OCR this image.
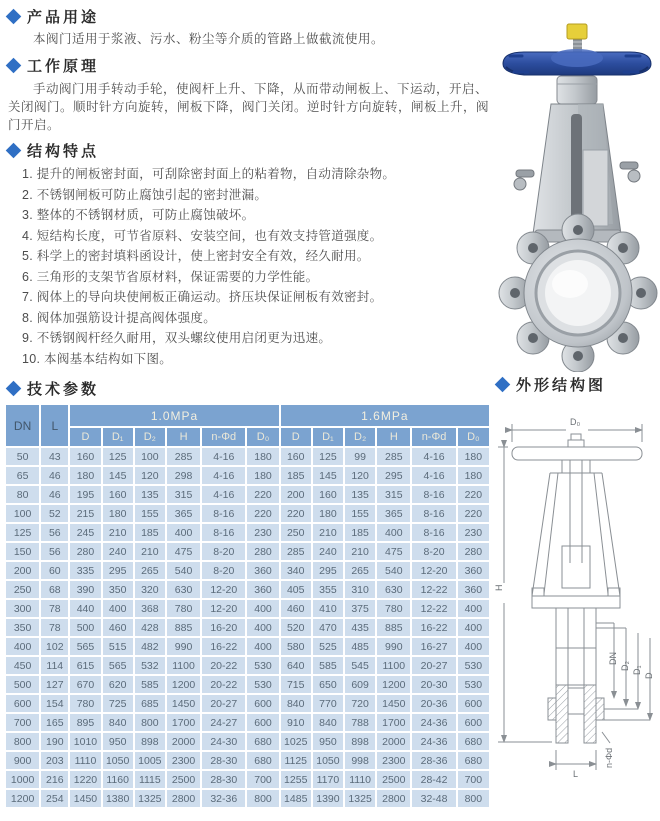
产品用途
本阀门适用于浆液、污水、粉尘等介质的管路上做截流使用。
工作原理
手动阀门用手转动手轮，使阀杆上升、下降，从而带动闸板上、下运动，开启、关闭阀门。顺时针方向旋转，闸板下降，阀门关闭。逆时针方向旋转，闸板上升，阀门开启。
结构特点
1. 提升的闸板密封面，可刮除密封面上的粘着物，自动清除杂物。
2. 不锈钢闸板可防止腐蚀引起的密封泄漏。
3. 整体的不锈钢材质，可防止腐蚀破坏。
4. 短结构长度，可节省原料、安装空间，也有效支持管道强度。
5. 科学上的密封填料函设计，使上密封安全有效，经久耐用。
6. 三角形的支架节省原材料，保证需要的力学性能。
7. 阀体上的导向块使闸板正确运动。挤压块保证闸板有效密封。
8. 阀体加强筋设计提高阀体强度。
9. 不锈钢阀杆经久耐用，双头螺纹使用启闭更为迅速。
10. 本阀基本结构如下图。
技术参数
DN	L	1.0MPa						1.6MPa					
		D	D₁	D₂	H	n-Φd	D₀	D	D₁	D₂	H	n-Φd	D₀
50	43	160	125	100	285	4-16	180	160	125	99	285	4-16	180
65	46	180	145	120	298	4-16	180	185	145	120	295	4-16	180
80	46	195	160	135	315	4-16	220	200	160	135	315	8-16	220
100	52	215	180	155	365	8-16	220	220	180	155	365	8-16	220
125	56	245	210	185	400	8-16	230	250	210	185	400	8-16	230
150	56	280	240	210	475	8-20	280	285	240	210	475	8-20	280
200	60	335	295	265	540	8-20	360	340	295	265	540	12-20	360
250	68	390	350	320	630	12-20	360	405	355	310	630	12-22	360
300	78	440	400	368	780	12-20	400	460	410	375	780	12-22	400
350	78	500	460	428	885	16-20	400	520	470	435	885	16-22	400
400	102	565	515	482	990	16-22	400	580	525	485	990	16-27	400
450	114	615	565	532	1100	20-22	530	640	585	545	1100	20-27	530
500	127	670	620	585	1200	20-22	530	715	650	609	1200	20-30	530
600	154	780	725	685	1450	20-27	600	840	770	720	1450	20-36	600
700	165	895	840	800	1700	24-27	600	910	840	788	1700	24-36	600
800	190	1010	950	898	2000	24-30	680	1025	950	898	2000	24-36	680
900	203	1110	1050	1005	2300	28-30	680	1125	1050	998	2300	28-36	680
1000	216	1220	1160	1115	2500	28-30	700	1255	1170	1110	2500	28-42	700
1200	254	1450	1380	1325	2800	32-36	800	1485	1390	1325	2800	32-48	800
外形结构图
D₀
H
DN
D₂ D₁
D
L
n-Φd
